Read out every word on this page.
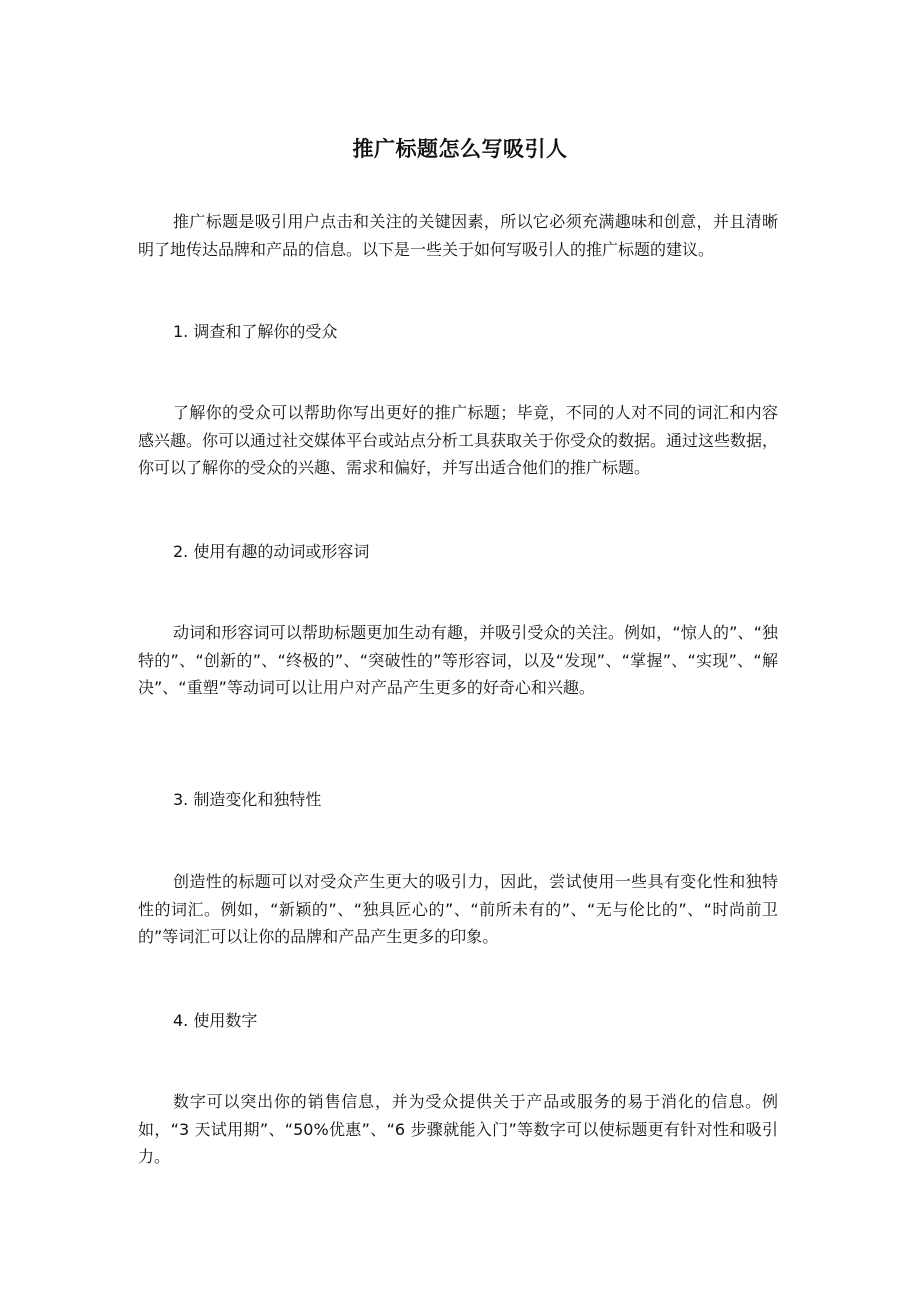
推广标题怎么写吸引人

推广标题是吸引用户点击和关注的关键因素，所以它必须充满趣味和创意，并且清晰明了地传达品牌和产品的信息。以下是一些关于如何写吸引人的推广标题的建议。

1. 调查和了解你的受众

了解你的受众可以帮助你写出更好的推广标题；毕竟，不同的人对不同的词汇和内容感兴趣。你可以通过社交媒体平台或站点分析工具获取关于你受众的数据。通过这些数据，你可以了解你的受众的兴趣、需求和偏好，并写出适合他们的推广标题。

2. 使用有趣的动词或形容词

动词和形容词可以帮助标题更加生动有趣，并吸引受众的关注。例如，“惊人的”、“独特的”、“创新的”、“终极的”、“突破性的”等形容词，以及“发现”、“掌握”、“实现”、“解决”、“重塑”等动词可以让用户对产品产生更多的好奇心和兴趣。

3. 制造变化和独特性

创造性的标题可以对受众产生更大的吸引力，因此，尝试使用一些具有变化性和独特性的词汇。例如，“新颖的”、“独具匠心的”、“前所未有的”、“无与伦比的”、“时尚前卫的”等词汇可以让你的品牌和产品产生更多的印象。

4. 使用数字

数字可以突出你的销售信息，并为受众提供关于产品或服务的易于消化的信息。例如，“3 天试用期”、“50%优惠”、“6 步骤就能入门”等数字可以使标题更有针对性和吸引力。
